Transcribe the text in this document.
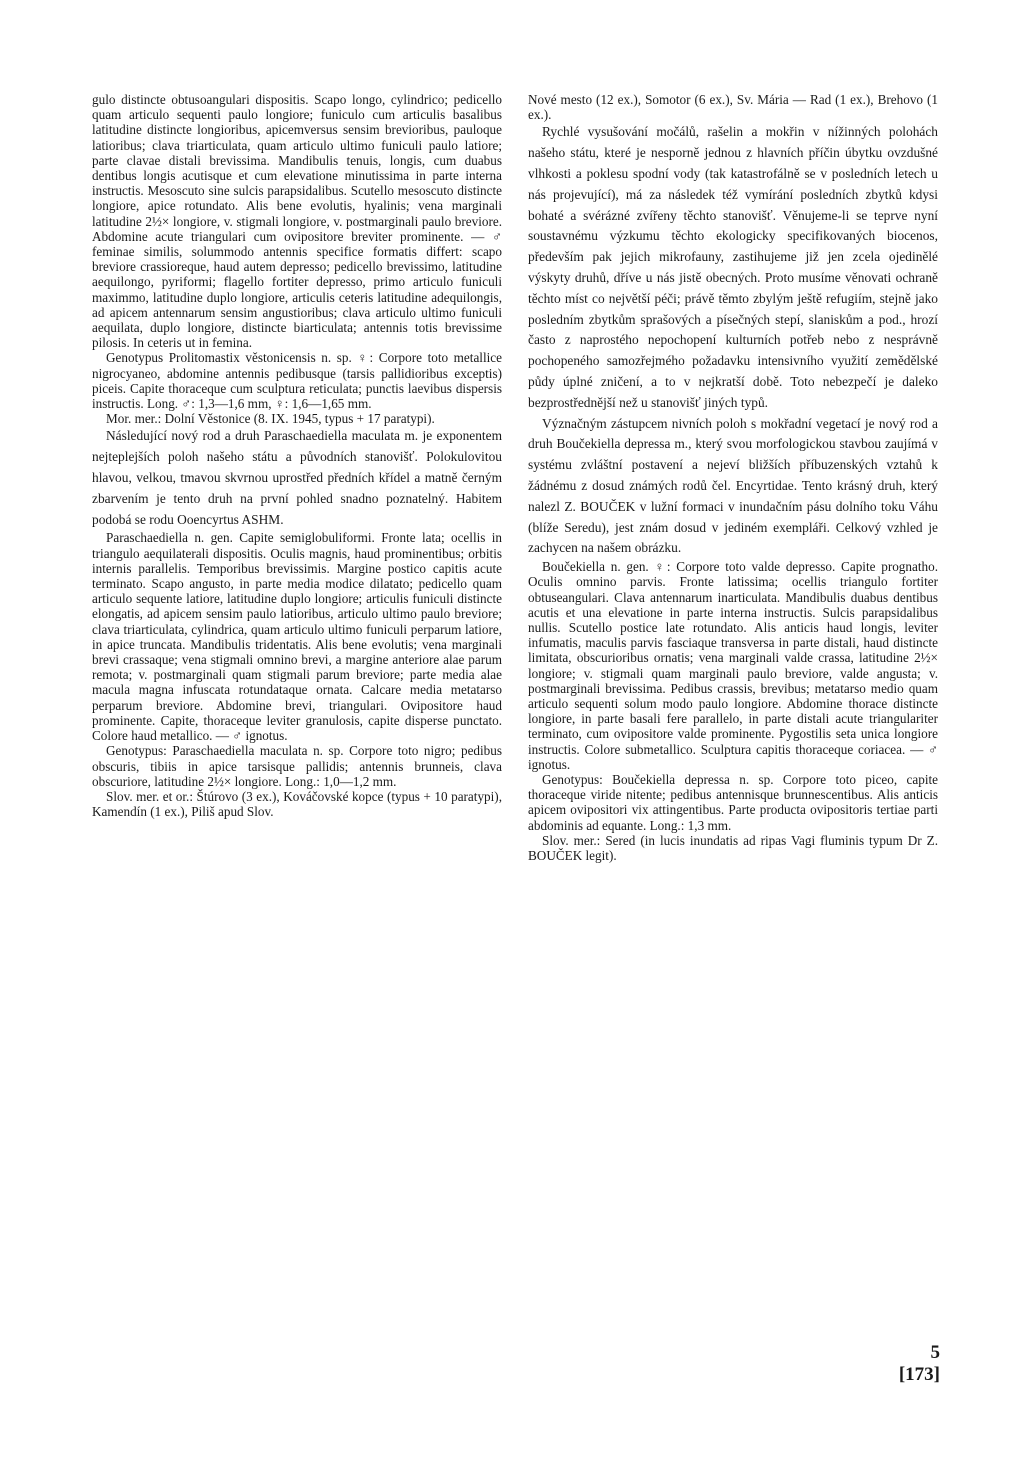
gulo distincte obtusoangulari dispositis. Scapo longo, cylindrico; pedicello quam articulo sequenti paulo longiore; funiculo cum articulis basalibus latitudine distincte longioribus, apicemversus sensim brevioribus, pauloque latioribus; clava triarticulata, quam articulo ultimo funiculi paulo latiore; parte clavae distali brevissima. Mandibulis tenuis, longis, cum duabus dentibus longis acutisque et cum elevatione minutissima in parte interna instructis. Mesoscuto sine sulcis parapsidalibus. Scutello mesoscuto distincte longiore, apice rotundato. Alis bene evolutis, hyalinis; vena marginali latitudine 2½× longiore, v. stigmali longiore, v. postmarginali paulo breviore. Abdomine acute triangulari cum ovipositore breviter prominente. — ♂ feminae similis, solummodo antennis specifice formatis differt: scapo breviore crassioreque, haud autem depresso; pedicello brevissimo, latitudine aequilongo, pyriformi; flagello fortiter depresso, primo articulo funiculi maximmo, latitudine duplo longiore, articulis ceteris latitudine adequilongis, ad apicem antennarum sensim angustioribus; clava articulo ultimo funiculi aequilata, duplo longiore, distincte biarticulata; antennis totis brevissime pilosis. In ceteris ut in femina.

Genotypus Prolitomastix věstonicensis n. sp. ♀: Corpore toto metallice nigrocyaneo, abdomine antennis pedibusque (tarsis pallidioribus exceptis) piceis. Capite thoraceque cum sculptura reticulata; punctis laevibus dispersis instructis. Long. ♂: 1,3—1,6 mm, ♀: 1,6—1,65 mm.

Mor. mer.: Dolní Věstonice (8. IX. 1945, typus + 17 paratypi).

Následující nový rod a druh Paraschaediella maculata m. je exponentem nejteplejších poloh našeho státu a původních stanovišť. Polokulovitou hlavou, velkou, tmavou skvrnou uprostřed předních křídel a matně černým zbarvením je tento druh na první pohled snadno poznatelný. Habitem podobá se rodu Ooencyrtus ASHM.

Paraschaediella n. gen. Capite semiglobuliformi. Fronte lata; ocellis in triangulo aequilaterali dispositis. Oculis magnis, haud prominentibus; orbitis internis parallelis. Temporibus brevissimis. Margine postico capitis acute terminato. Scapo angusto, in parte media modice dilatato; pedicello quam articulo sequente latiore, latitudine duplo longiore; articulis funiculi distincte elongatis, ad apicem sensim paulo latioribus, articulo ultimo paulo breviore; clava triarticulata, cylindrica, quam articulo ultimo funiculi perparum latiore, in apice truncata. Mandibulis tridentatis. Alis bene evolutis; vena marginali brevi crassaque; vena stigmali omnino brevi, a margine anteriore alae parum remota; v. postmarginali quam stigmali parum breviore; parte media alae macula magna infuscata rotundataque ornata. Calcare media metatarso perparum breviore. Abdomine brevi, triangulari. Ovipositore haud prominente. Capite, thoraceque leviter granulosis, capite disperse punctato. Colore haud metallico. — ♂ ignotus.

Genotypus: Paraschaediella maculata n. sp. Corpore toto nigro; pedibus obscuris, tibiis in apice tarsisque pallidis; antennis brunneis, clava obscuriore, latitudine 2½× longiore. Long.: 1,0—1,2 mm.

Slov. mer. et or.: Štúrovo (3 ex.), Kováčovské kopce (typus + 10 paratypi), Kamendín (1 ex.), Piliš apud Slov.

Nové mesto (12 ex.), Somotor (6 ex.), Sv. Mária — Rad (1 ex.), Brehovo (1 ex.).

Rychlé vysušování močálů, rašelin a mokřin v nížinných polohách našeho státu, které je nesporně jednou z hlavních příčin úbytku ovzdušné vlhkosti a poklesu spodní vody (tak katastrofálně se v posledních letech u nás projevující), má za následek též vymírání posledních zbytků kdysi bohaté a svérázné zvířeny těchto stanovišť. Věnujeme-li se teprve nyní soustavnému výzkumu těchto ekologicky specifikovaných biocenos, především pak jejich mikrofauny, zastihujeme již jen zcela ojedinělé výskyty druhů, dříve u nás jistě obecných. Proto musíme věnovati ochraně těchto míst co největší péči; právě těmto zbylým ještě refugiím, stejně jako posledním zbytkům sprašových a písečných stepí, slaniskům a pod., hrozí často z naprostého nepochopení kulturních potřeb nebo z nesprávně pochopeného samozřejmého požadavku intensivního využití zemědělské půdy úplné zničení, a to v nejkratší době. Toto nebezpečí je daleko bezprostřednější než u stanovišť jiných typů.

Význačným zástupcem nivních poloh s mokřadní vegetací je nový rod a druh Boučekiella depressa m., který svou morfologickou stavbou zaujímá v systému zvláštní postavení a nejeví bližších příbuzenských vztahů k žádnému z dosud známých rodů čel. Encyrtidae. Tento krásný druh, který nalezl Z. BOUČEK v lužní formaci v inundačním pásu dolního toku Váhu (blíže Seredu), jest znám dosud v jediném exempláři. Celkový vzhled je zachycen na našem obrázku.

Boučekiella n. gen. ♀: Corpore toto valde depresso. Capite prognatho. Oculis omnino parvis. Fronte latissima; ocellis triangulo fortiter obtuseangulari. Clava antennarum inarticulata. Mandibulis duabus dentibus acutis et una elevatione in parte interna instructis. Sulcis parapsidalibus nullis. Scutello postice late rotundato. Alis anticis haud longis, leviter infumatis, maculis parvis fasciaque transversa in parte distali, haud distincte limitata, obscurioribus ornatis; vena marginali valde crassa, latitudine 2½× longiore; v. stigmali quam marginali paulo breviore, valde angusta; v. postmarginali brevissima. Pedibus crassis, brevibus; metatarso medio quam articulo sequenti solum modo paulo longiore. Abdomine thorace distincte longiore, in parte basali fere parallelo, in parte distali acute triangulariter terminato, cum ovipositore valde prominente. Pygostilis seta unica longiore instructis. Colore submetallico. Sculptura capitis thoraceque coriacea. — ♂ ignotus.

Genotypus: Boučekiella depressa n. sp. Corpore toto piceo, capite thoraceque viride nitente; pedibus antennisque brunnescentibus. Alis anticis apicem ovipositori vix attingentibus. Parte producta ovipositoris tertiae parti abdominis ad equante. Long.: 1,3 mm.

Slov. mer.: Sered (in lucis inundatis ad ripas Vagi fluminis typum Dr Z. BOUČEK legit).

5
[173]
